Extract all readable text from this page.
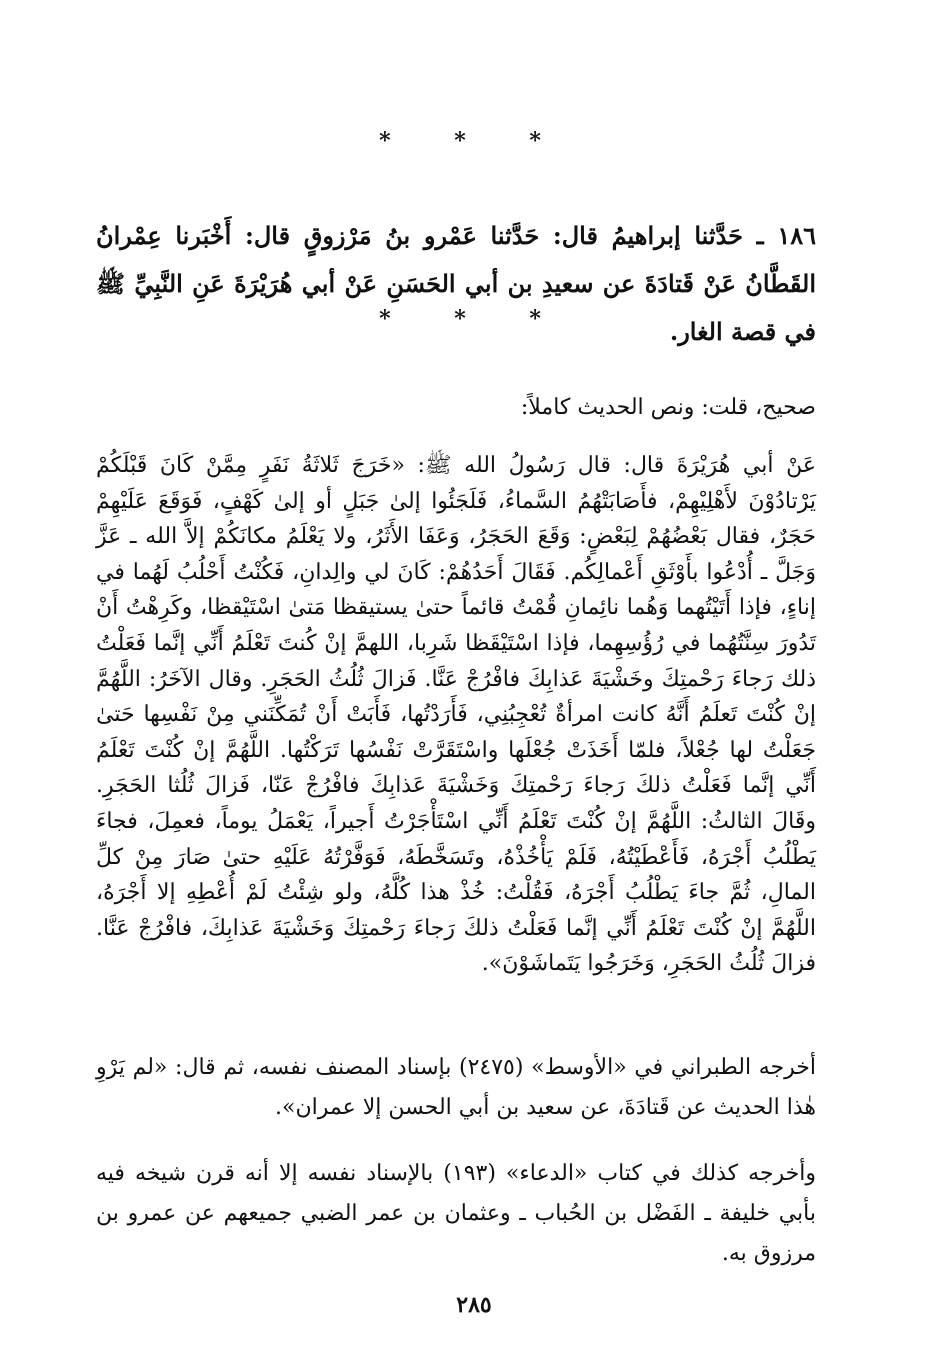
* * *

١٨٦ ـ حَدَّثنا إبراهيمُ قال: حَدَّثنا عَمْرو بنُ مَرْزوقٍ قال: أَخْبَرنا عِمْرانُ القَطَّانُ عَنْ قَتادَةَ عن سعيدِ بن أبي الحَسَنِ عَنْ أبي هُرَيْرَةَ عَنِ النَّبِيِّ ﷺ في قصة الغار.

* * *

صحيح، قلت: ونص الحديث كاملاً:

عَنْ أبي هُرَيْرَةَ قال: قال رَسُولُ الله ﷺ: «خَرَجَ ثَلاثَةُ نَفَرٍ مِمَّنْ كَانَ قَبْلَكُمْ يَرْتادُوْنَ لأَهْلِيْهِمْ، فأَصَابَتْهُمُ السَّماءُ، فَلَجَئُوا إلىٰ جَبَلٍ أو إلىٰ كَهْفٍ، فَوَقَعَ عَلَيْهِمْ حَجَرٌ، فقال بَعْضُهُمْ لِبَعْضٍ: وَقَعَ الحَجَرُ، وَعَفَا الأَثَرُ، ولا يَعْلَمُ مكانَكُمْ إلاَّ الله ـ عَزَّ وَجَلَّ ـ أُدْعُوا بأَوْثَقِ أَعْمالِكُم. فَقَالَ أَحَدُهُمْ: كَانَ لي والِدانِ، فَكُنْتُ أَحْلُبُ لَهُما في إناءٍ، فإذا أَتَيْتُهما وَهُما نائِمانِ قُمْتُ قائماً حتىٰ يستيقظا مَتىٰ اسْتَيْقظا، وكَرِهْتُ أَنْ تَدُورَ سِنَّتُهُما في رُؤُسِهِما، فإذا اسْتَيْقَظا شَرِبا، اللهمَّ إنْ كُنتَ تَعْلَمُ أَنِّي إنَّما فَعَلْتُ ذلك رَجاءَ رَحْمتِكَ وخَشْيَةَ عَذابِكَ فافْرُجْ عَنَّا. فَزالَ ثُلُثُ الحَجَرِ. وقال الآخَرُ: اللَّهُمَّ إنْ كُنْتَ تَعلَمُ أَنَّهُ كانت امرأةٌ تُعْجِبُنِي، فَأَرَدْتُها، فَأَبَتْ أَنْ تُمَكِّنَني مِنْ نَفْسِها حَتىٰ جَعَلْتُ لها جُعْلاً، فلمّا أَخَذَتْ جُعْلَها واسْتَقَرَّتْ نَفْسُها تَرَكْتُها. اللَّهُمَّ إنْ كُنْتَ تَعْلَمُ أَنِّي إنَّما فَعَلْتُ ذلكَ رَجاءَ رَحْمتِكَ وَخَشْيَةَ عَذابِكَ فافْرُجْ عَنّا، فَزالَ ثُلُثا الحَجَرِ. وقَالَ الثالثُ: اللَّهُمَّ إنْ كُنْتَ تَعْلَمُ أَنِّي اسْتَأْجَرْتُ أَجيراً، يَعْمَلُ يوماً، فعمِلَ، فجاءَ يَطْلُبُ أَجْرَهُ، فَأَعْطَيْتُهُ، فَلَمْ يَأْخُذْهُ، وتَسَخَّطَهُ، فَوَفَّرْتُهُ عَلَيْهِ حتىٰ صَارَ مِنْ كلِّ المالِ، ثُمَّ جاءَ يَطْلُبُ أَجْرَهُ، فَقُلْتُ: خُذْ هذا كُلَّهُ، ولو شِئْتُ لَمْ أُعْطِهِ إلا أَجْرَهُ، اللَّهُمَّ إنْ كُنْتَ تَعْلَمُ أَنِّي إنَّما فَعَلْتُ ذلكَ رَجاءَ رَحْمتِكَ وَخَشْيَةَ عَذابِكَ، فافْرُجْ عَنَّا. فزالَ ثُلُثُ الحَجَرِ، وَخَرَجُوا يَتَماشَوْنَ».

أخرجه الطبراني في «الأوسط» (٢٤٧٥) بإسناد المصنف نفسه، ثم قال: «لم يَرْوِ هٰذا الحديث عن قَتادَةَ، عن سعيد بن أبي الحسن إلا عمران».

وأخرجه كذلك في كتاب «الدعاء» (١٩٣) بالإسناد نفسه إلا أنه قرن شيخه فيه بأبي خليفة ـ الفَضْل بن الحُباب ـ وعثمان بن عمر الضبي جميعهم عن عمرو بن مرزوق به.

٢٨٥
